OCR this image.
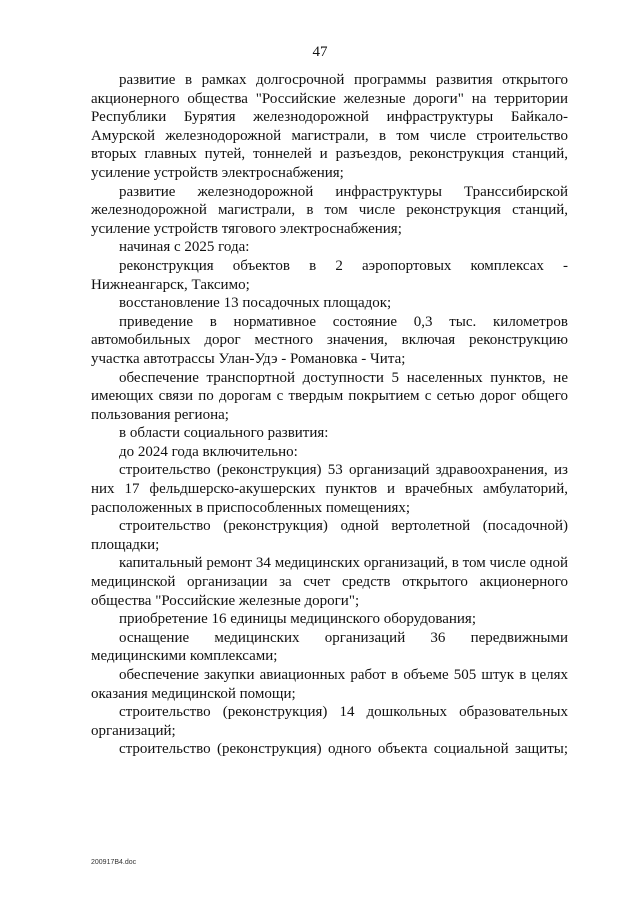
47

развитие в рамках долгосрочной программы развития открытого акционерного общества "Российские железные дороги" на территории Республики Бурятия железнодорожной инфраструктуры Байкало-Амурской железнодорожной магистрали, в том числе строительство вторых главных путей, тоннелей и разъездов, реконструкция станций, усиление устройств электроснабжения;

развитие железнодорожной инфраструктуры Транссибирской железнодорожной магистрали, в том числе реконструкция станций, усиление устройств тягового электроснабжения;

начиная с 2025 года:

реконструкция объектов в 2 аэропортовых комплексах - Нижнеангарск, Таксимо;

восстановление 13 посадочных площадок;

приведение в нормативное состояние 0,3 тыс. километров автомобильных дорог местного значения, включая реконструкцию участка автотрассы Улан-Удэ - Романовка - Чита;

обеспечение транспортной доступности 5 населенных пунктов, не имеющих связи по дорогам с твердым покрытием с сетью дорог общего пользования региона;

в области социального развития:

до 2024 года включительно:

строительство (реконструкция) 53 организаций здравоохранения, из них 17 фельдшерско-акушерских пунктов и врачебных амбулаторий, расположенных в приспособленных помещениях;

строительство (реконструкция) одной вертолетной (посадочной) площадки;

капитальный ремонт 34 медицинских организаций, в том числе одной медицинской организации за счет средств открытого акционерного общества "Российские железные дороги";

приобретение 16 единицы медицинского оборудования;

оснащение медицинских организаций 36 передвижными медицинскими комплексами;

обеспечение закупки авиационных работ в объеме 505 штук в целях оказания медицинской помощи;

строительство (реконструкция) 14 дошкольных образовательных организаций;

строительство (реконструкция) одного объекта социальной защиты;

200917В4.doc
